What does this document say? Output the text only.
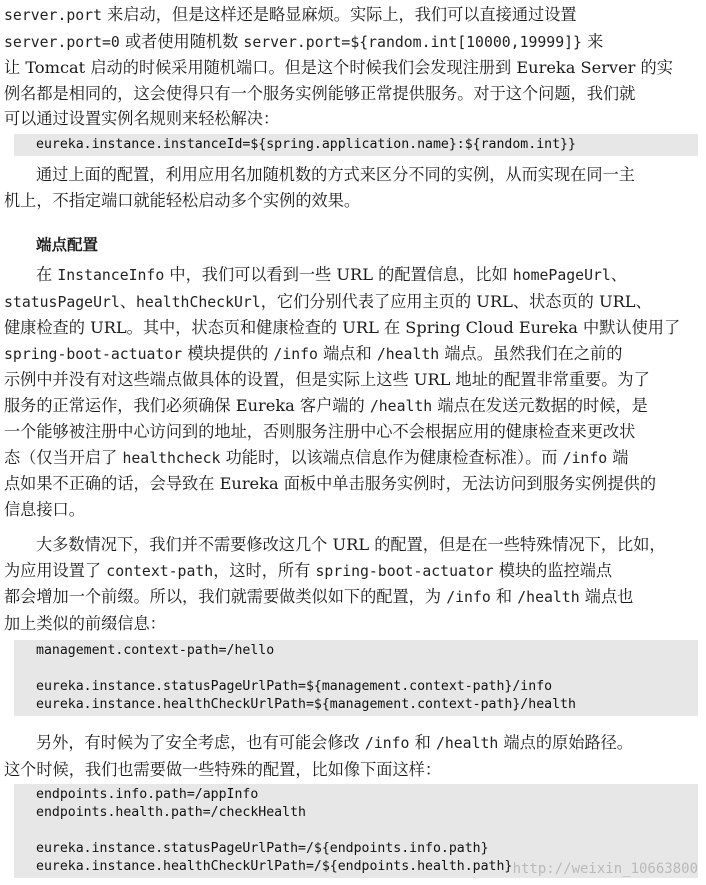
server.port 来启动，但是这样还是略显麻烦。实际上，我们可以直接通过设置
server.port=0 或者使用随机数 server.port=${random.int[10000,19999]} 来
让 Tomcat 启动的时候采用随机端口。但是这个时候我们会发现注册到 Eureka Server 的实
例名都是相同的，这会使得只有一个服务实例能够正常提供服务。对于这个问题，我们就
可以通过设置实例名规则来轻松解决：
eureka.instance.instanceId=${spring.application.name}:${random.int}}
通过上面的配置，利用应用名加随机数的方式来区分不同的实例，从而实现在同一主
机上，不指定端口就能轻松启动多个实例的效果。
端点配置
在 InstanceInfo 中，我们可以看到一些 URL 的配置信息，比如 homePageUrl、
statusPageUrl、healthCheckUrl，它们分别代表了应用主页的 URL、状态页的 URL、
健康检查的 URL。其中，状态页和健康检查的 URL 在 Spring Cloud Eureka 中默认使用了
spring-boot-actuator 模块提供的 /info 端点和 /health 端点。虽然我们在之前的
示例中并没有对这些端点做具体的设置，但是实际上这些 URL 地址的配置非常重要。为了
服务的正常运作，我们必须确保 Eureka 客户端的 /health 端点在发送元数据的时候，是
一个能够被注册中心访问到的地址，否则服务注册中心不会根据应用的健康检查来更改状
态（仅当开启了 healthcheck 功能时，以该端点信息作为健康检查标准）。而 /info 端
点如果不正确的话，会导致在 Eureka 面板中单击服务实例时，无法访问到服务实例提供的
信息接口。
大多数情况下，我们并不需要修改这几个 URL 的配置，但是在一些特殊情况下，比如，
为应用设置了 context-path，这时，所有 spring-boot-actuator 模块的监控端点
都会增加一个前缀。所以，我们就需要做类似如下的配置，为 /info 和 /health 端点也
加上类似的前缀信息：
management.context-path=/hello
eureka.instance.statusPageUrlPath=${management.context-path}/info
eureka.instance.healthCheckUrlPath=${management.context-path}/health
另外，有时候为了安全考虑，也有可能会修改 /info 和 /health 端点的原始路径。
这个时候，我们也需要做一些特殊的配置，比如像下面这样：
endpoints.info.path=/appInfo
endpoints.health.path=/checkHealth
eureka.instance.statusPageUrlPath=/${endpoints.info.path}
eureka.instance.healthCheckUrlPath=/${endpoints.health.path} http://weixin_10663800
